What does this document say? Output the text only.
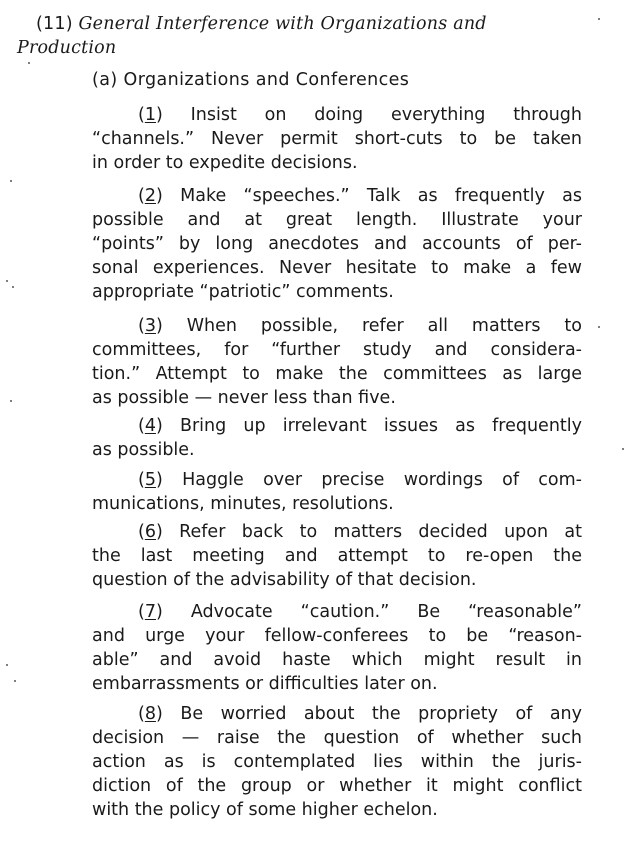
(11) General Interference with Organizations and
Production
(a) Organizations and Conferences
(1) Insist on doing everything through
“channels.” Never permit short-cuts to be taken
in order to expedite decisions.
(2) Make “speeches.” Talk as frequently as
possible and at great length. Illustrate your
“points” by long anecdotes and accounts of per-
sonal experiences. Never hesitate to make a few
appropriate “patriotic” comments.
(3) When possible, refer all matters to
committees, for “further study and considera-
tion.” Attempt to make the committees as large
as possible — never less than five.
(4) Bring up irrelevant issues as frequently
as possible.
(5) Haggle over precise wordings of com-
munications, minutes, resolutions.
(6) Refer back to matters decided upon at
the last meeting and attempt to re-open the
question of the advisability of that decision.
(7) Advocate “caution.” Be “reasonable”
and urge your fellow-conferees to be “reason-
able” and avoid haste which might result in
embarrassments or difficulties later on.
(8) Be worried about the propriety of any
decision — raise the question of whether such
action as is contemplated lies within the juris-
diction of the group or whether it might conflict
with the policy of some higher echelon.
